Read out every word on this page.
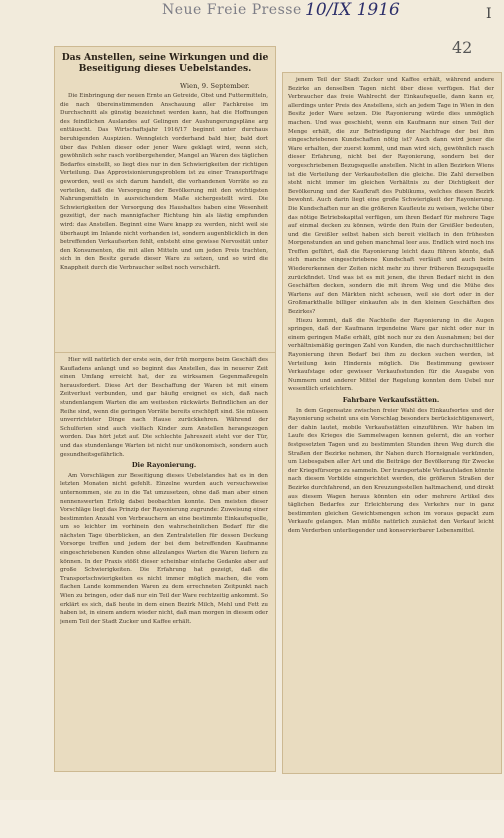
Neue Freie Presse 10/IX 1916	I
42
Das Anstellen, seine Wirkungen und die Beseitigung dieses Uebelstandes.
Wien, 9. September.

Die Einbringung der neuen Ernte an Getreide, Obst und Futtermitteln, die nach übereinstimmenden Anschauung aller Fachkreise im Durchschnitt als günstig bezeichnet werden kann, hat die Hoffnungen des feindlichen Auslandes auf Gelingen der Aushungerungspläne arg enttäuscht. Das Wirtschaftsjahr 1916/17 beginnt unter durchaus beruhigenden Auspizien. Wenngleich vorderhand bald hier, bald dort über das Fehlen dieser oder jener Ware geklagt wird, wenn sich, gewöhnlich sehr rasch vorübergehender, Mangel an Waren des täglichen Bedarfes einstellt, so liegt dies nur in den Schwierigkeiten der richtigen Verteilung. Das Approvisionierungsproblem ist zu einer Transportfrage geworden, weil es sich darum handelt, die vorhandenen Vorräte so zu verteilen, daß die Versorgung der Bevölkerung mit den wichtigsten Nahrungsmitteln in ausreichendem Maße sichergestellt wird. Die Schwierigkeiten der Versorgung des Haushaltes haben eine Wesenheit gezeitigt, der nach mannigfacher Richtung hin als lästig empfunden wird: das Anstellen. Beginnt eine Ware knapp zu werden, nicht weil sie überhaupt im Inlande nicht vorhanden ist, sondern augenblicklich in den betreffenden Verkaufsorten fehlt, entsteht eine gewisse Nervosität unter den Konsumenten, die mit allen Mitteln und um jeden Preis trachten, sich in den Besitz gerade dieser Ware zu setzen, und so wird die Knappheit durch die Verbraucher selbst noch verschärft.

Hier will natürlich der erste sein, der früh morgens beim Geschäft des Kaufladens anlangt und so beginnt das Anstellen, das in neuerer Zeit einen Umfang erreicht hat, der zu wirksamen Gegenmaßregeln herausfordert. Diese Art der Beschaffung der Waren ist mit einem Zeitverlust verbunden, und gar häufig ereignet es sich, daß nach stundenlangem Warten die am weitesten rückwärts Befindlichen an der Reihe sind, wenn die geringen Vorräte bereits erschöpft sind. Sie müssen unverrichteter Dinge nach Hause zurückkehren. Während der Schulferien sind auch vielfach Kinder zum Anstellen herangezogen worden. Das hört jetzt auf. Die schlechte Jahreszeit steht vor der Tür, und das stundenlange Warten ist nicht nur unökonomisch, sondern auch gesundheitsgefährlich.

Die Rayonierung.

Am Vorschlägen zur Beseitigung dieses Uebelstandes hat es in den letzten Monaten nicht gefehlt. Einzelne wurden auch versuchsweise unternommen, sie zu in die Tat umzusetzen, ohne daß man aber einen nennenswerten Erfolg dabei beobachten konnte. Den meisten dieser Vorschläge liegt das Prinzip der Rayonierung zugrunde: Zuweisung einer bestimmten Anzahl von Verbrauchern an eine bestimmte Einkaufsquelle, um so leichter im vorhinein den wahrscheinlichen Bedarf für die nächsten Tage überblicken, an den Zentralstellen für dessen Deckung Vorsorge treffen und jedem der bei dem betreffenden Kaufmanne eingeschriebenen Kunden ohne allzulanges Warten die Waren liefern zu können. In der Praxis stößt dieser scheinbar einfache Gedanke aber auf große Schwierigkeiten. Die Erfahrung hat gezeigt, daß die Transportschwierigkeiten es nicht immer möglich machen, die vom flachen Lande kommenden Waren zu dem errechneten Zeitpunkt nach Wien zu bringen, oder daß nur ein Teil der Ware rechtzeitig ankommt. So erklärt es sich, daß heute in dem einen Bezirk Milch, Mehl und Fett zu haben ist, in einem andern wieder nicht, daß man morgen in diesem oder jenem Teil der Stadt Zucker und Kaffee erhält.

jenem Teil der Stadt Zucker und Kaffee erhält, während andere Bezirke an denselben Tagen nicht über diese verfügen. Hat der Verbraucher das freie Wahlrecht der Einkaufsquelle, dann kann er, allerdings unter Preis des Anstellens, sich an jedem Tage in Wien in den Besitz jeder Ware setzen. Die Rayonierung würde dies unmöglich machen. Und was geschieht, wenn ein Kaufmann nur einen Teil der Menge erhält, die zur Befriedigung der Nachfrage der bei ihm eingeschriebenen Kundschaften nötig ist? Auch dann wird jener die Ware erhalten, der zuerst kommt, und man wird sich, gewöhnlich rasch dieser Erfahrung, nicht bei der Rayonierung, sondern bei der vorgeschriebenen Bezugsquelle anstellen. Nicht in allen Bezirken Wiens ist die Verteilung der Verkaufsstellen die gleiche. Die Zahl derselben steht nicht immer im gleichen Verhältnis zu der Dichtigkeit der Bevölkerung und der Kaufkraft des Publikums, welches diesen Bezirk bewohnt. Auch darin liegt eine große Schwierigkeit der Rayonierung. Die Kundschaften nur an die größeren Kaufleute zu weisen, welche über das nötige Betriebskapital verfügen, um ihren Bedarf für mehrere Tage auf einmal decken zu können, würde den Ruin der Greißler bedeuten, und die Greißler selbst haben sich bereit vielfach in den frühesten Morgenstunden an und gehen manchmal leer aus. Endlich wird noch ins Treffen geführt, daß die Rayonierung leicht dazu führen könnte, daß sich manche eingeschriebene Kundschaft verläuft und auch beim Wiedererkennen der Zeiten nicht mehr zu ihrer früheren Bezugsquelle zurückfindet. Und was ist es mit jenen, die ihren Bedarf nicht in den Geschäften decken, sondern die mit ihrem Weg und die Mühe des Wartens auf den Märkten nicht scheuen, weil sie dort oder in der Großmarkthalle billiger einkaufen als in den kleinen Geschäften des Bezirkes?

Hiezu kommt, daß die Nachteile der Rayonierung in die Augen springen, daß der Kaufmann irgendeine Ware gar nicht oder nur in einem geringen Maße erhält, gibt noch nur zu den Ausnahmen; bei der verhältnismäßig geringen Zahl von Kunden, die nach durchschnittlicher Rayonierung ihren Bedarf bei ihm zu decken suchen werden, ist Verteilung kein Hindernis möglich. Die Bestimmung gewisser Verkaufstage oder gewisser Verkaufsstunden für die Ausgabe von Nummern und anderer Mittel der Regelung konnten dem Uebel nur wesentlich erleichtern.

Fahrbare Verkaufsstätten.

In dem Gegensatze zwischen freier Wahl des Einkaufsortes und der Rayonierung scheint uns ein Vorschlag besonders berücksichtigenswert, der dahin lautet, mobile Verkaufsstätten einzuführen. Wir haben im Laufe des Krieges die Sammelwagen kennen gelernt, die an vorher festgesetzten Tagen und zu bestimmten Stunden ihren Weg durch die Straßen der Bezirke nehmen, ihr Nahen durch Hornsignale verkünden, um Liebesgaben aller Art und die Beiträge der Bevölkerung für Zwecke der Kriegsfürsorge zu sammeln. Der transportable Verkaufsladen könnte nach diesem Vorbilde eingerichtet werden, die größeren Straßen der Bezirke durchfahrend, an den Kreuzungsstellen haltmachend, und direkt aus diesem Wagen heraus könnten ein oder mehrere Artikel des täglichen Bedarfes zur Erleichterung des Verkehrs nur in ganz bestimmten gleichen Gewichtsmengen schon im voraus gepackt zum Verkaufe gelangen. Man müßte natürlich zunächst den Verkauf leicht dem Verderben unterliegender und konservierbarer Lebensmittel.
